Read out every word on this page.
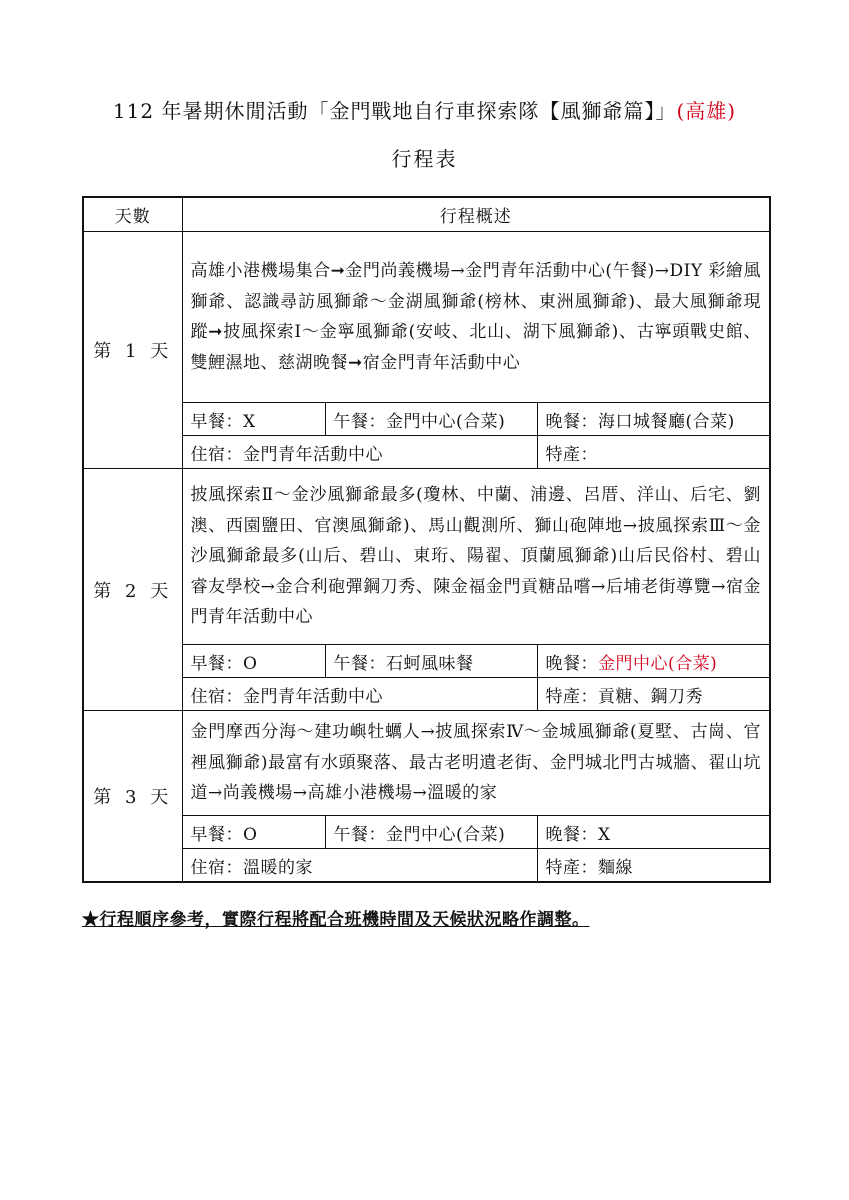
112 年暑期休閒活動「金門戰地自行車探索隊【風獅爺篇】」(高雄)
行程表
天數	行程概述		
第 1 天	高雄小港機場集合➞金門尚義機場→金門青年活動中心(午餐)→DIY 彩繪風獅爺、認識尋訪風獅爺～金湖風獅爺(榜林、東洲風獅爺)、最大風獅爺現蹤➞披風探索Ⅰ～金寧風獅爺(安岐、北山、湖下風獅爺)、古寧頭戰史館、雙鯉濕地、慈湖晚餐➞宿金門青年活動中心		
	早餐：X	午餐：金門中心(合菜)	晚餐：海口城餐廳(合菜)
	住宿：金門青年活動中心		特產：
第 2 天	披風探索Ⅱ～金沙風獅爺最多(瓊林、中蘭、浦邊、呂厝、洋山、后宅、劉澳、西園鹽田、官澳風獅爺)、馬山觀測所、獅山砲陣地→披風探索Ⅲ～金沙風獅爺最多(山后、碧山、東珩、陽翟、頂蘭風獅爺)山后民俗村、碧山睿友學校→金合利砲彈鋼刀秀、陳金福金門貢糖品嚐→后埔老街導覽→宿金門青年活動中心		
	早餐：O	午餐：石蚵風味餐	晚餐：金門中心(合菜)
	住宿：金門青年活動中心		特產：貢糖、鋼刀秀
第 3 天	金門摩西分海～建功嶼牡蠣人→披風探索Ⅳ～金城風獅爺(夏墅、古崗、官裡風獅爺)最富有水頭聚落、最古老明遺老街、金門城北門古城牆、翟山坑道→尚義機場→高雄小港機場→溫暖的家		
	早餐：O	午餐：金門中心(合菜)	晚餐：X
	住宿：溫暖的家		特產：麵線
★行程順序參考，實際行程將配合班機時間及天候狀況略作調整。
